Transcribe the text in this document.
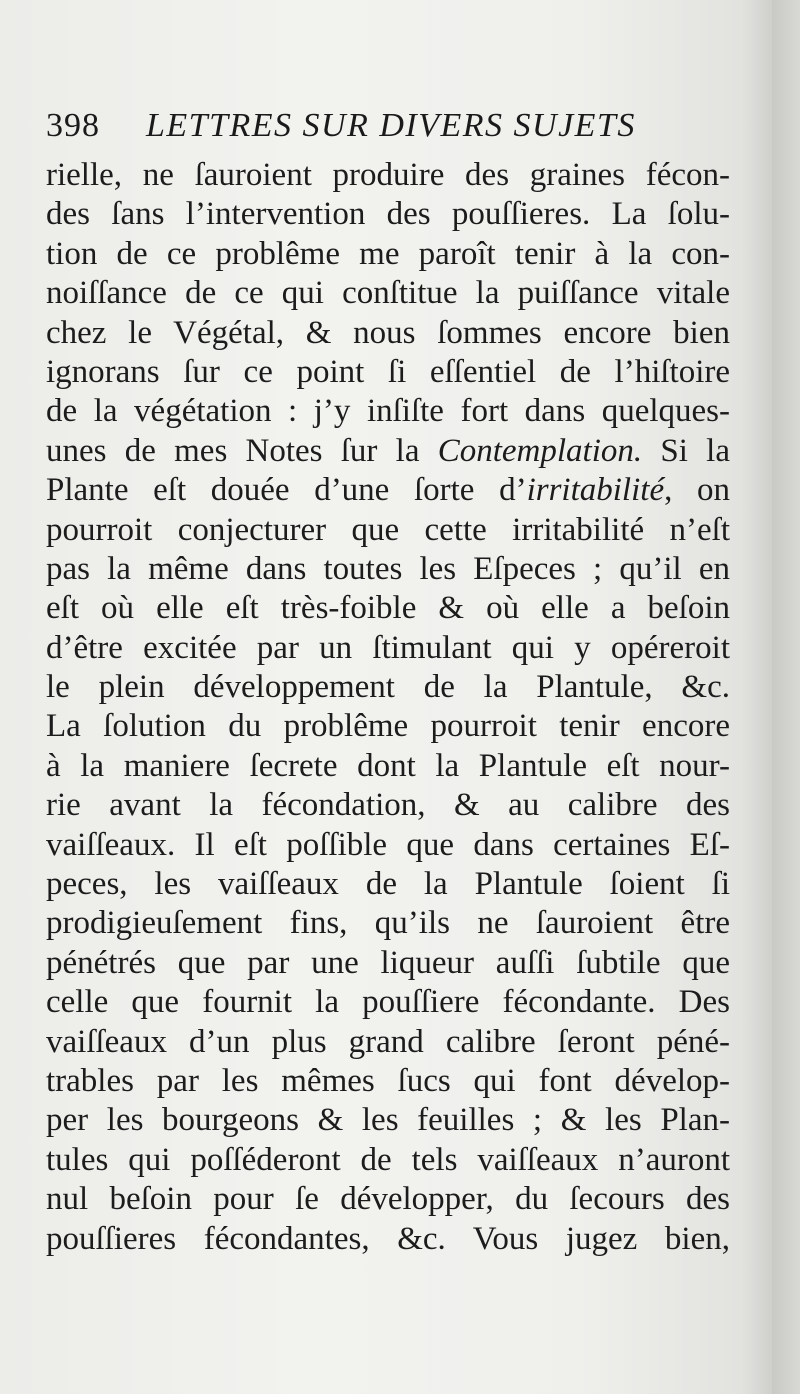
398 LETTRES SUR DIVERS SUJETS
rielle, ne ſauroient produire des graines fécon-
des ſans l’intervention des pouſſieres. La ſolu-
tion de ce problême me paroît tenir à la con-
noiſſance de ce qui conſtitue la puiſſance vitale
chez le Végétal, & nous ſommes encore bien
ignorans ſur ce point ſi eſſentiel de l’hiſtoire
de la végétation : j’y inſiſte fort dans quelques-
unes de mes Notes ſur la Contemplation. Si la
Plante eſt douée d’une ſorte d’irritabilité, on
pourroit conjecturer que cette irritabilité n’eſt
pas la même dans toutes les Eſpeces ; qu’il en
eſt où elle eſt très-foible & où elle a beſoin
d’être excitée par un ſtimulant qui y opéreroit
le plein développement de la Plantule, &c.
La ſolution du problême pourroit tenir encore
à la maniere ſecrete dont la Plantule eſt nour-
rie avant la fécondation, & au calibre des
vaiſſeaux. Il eſt poſſible que dans certaines Eſ-
peces, les vaiſſeaux de la Plantule ſoient ſi
prodigieuſement fins, qu’ils ne ſauroient être
pénétrés que par une liqueur auſſi ſubtile que
celle que fournit la pouſſiere fécondante. Des
vaiſſeaux d’un plus grand calibre ſeront péné-
trables par les mêmes ſucs qui font dévelop-
per les bourgeons & les feuilles ; & les Plan-
tules qui poſſéderont de tels vaiſſeaux n’auront
nul beſoin pour ſe développer, du ſecours des
pouſſieres fécondantes, &c. Vous jugez bien,
